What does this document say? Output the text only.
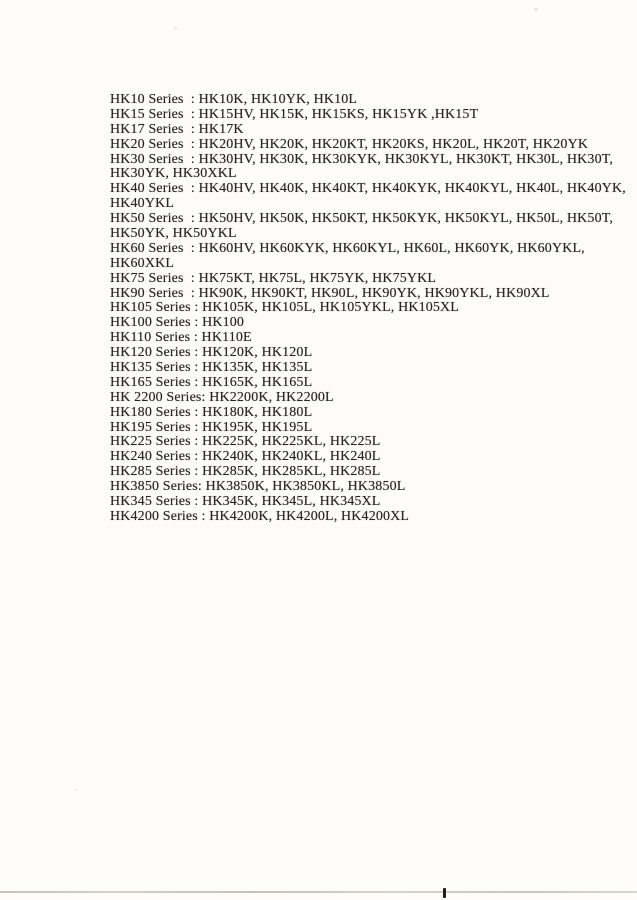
HK10 Series  : HK10K, HK10YK, HK10L
HK15 Series  : HK15HV, HK15K, HK15KS, HK15YK ,HK15T
HK17 Series  : HK17K
HK20 Series  : HK20HV, HK20K, HK20KT, HK20KS, HK20L, HK20T, HK20YK
HK30 Series  : HK30HV, HK30K, HK30KYK, HK30KYL, HK30KT, HK30L, HK30T,
HK30YK, HK30XKL
HK40 Series  : HK40HV, HK40K, HK40KT, HK40KYK, HK40KYL, HK40L, HK40YK,
HK40YKL
HK50 Series  : HK50HV, HK50K, HK50KT, HK50KYK, HK50KYL, HK50L, HK50T,
HK50YK, HK50YKL
HK60 Series  : HK60HV, HK60KYK, HK60KYL, HK60L, HK60YK, HK60YKL,
HK60XKL
HK75 Series  : HK75KT, HK75L, HK75YK, HK75YKL
HK90 Series  : HK90K, HK90KT, HK90L, HK90YK, HK90YKL, HK90XL
HK105 Series : HK105K, HK105L, HK105YKL, HK105XL
HK100 Series : HK100
HK110 Series : HK110E
HK120 Series : HK120K, HK120L
HK135 Series : HK135K, HK135L
HK165 Series : HK165K, HK165L
HK 2200 Series: HK2200K, HK2200L
HK180 Series : HK180K, HK180L
HK195 Series : HK195K, HK195L
HK225 Series : HK225K, HK225KL, HK225L
HK240 Series : HK240K, HK240KL, HK240L
HK285 Series : HK285K, HK285KL, HK285L
HK3850 Series: HK3850K, HK3850KL, HK3850L
HK345 Series : HK345K, HK345L, HK345XL
HK4200 Series : HK4200K, HK4200L, HK4200XL
